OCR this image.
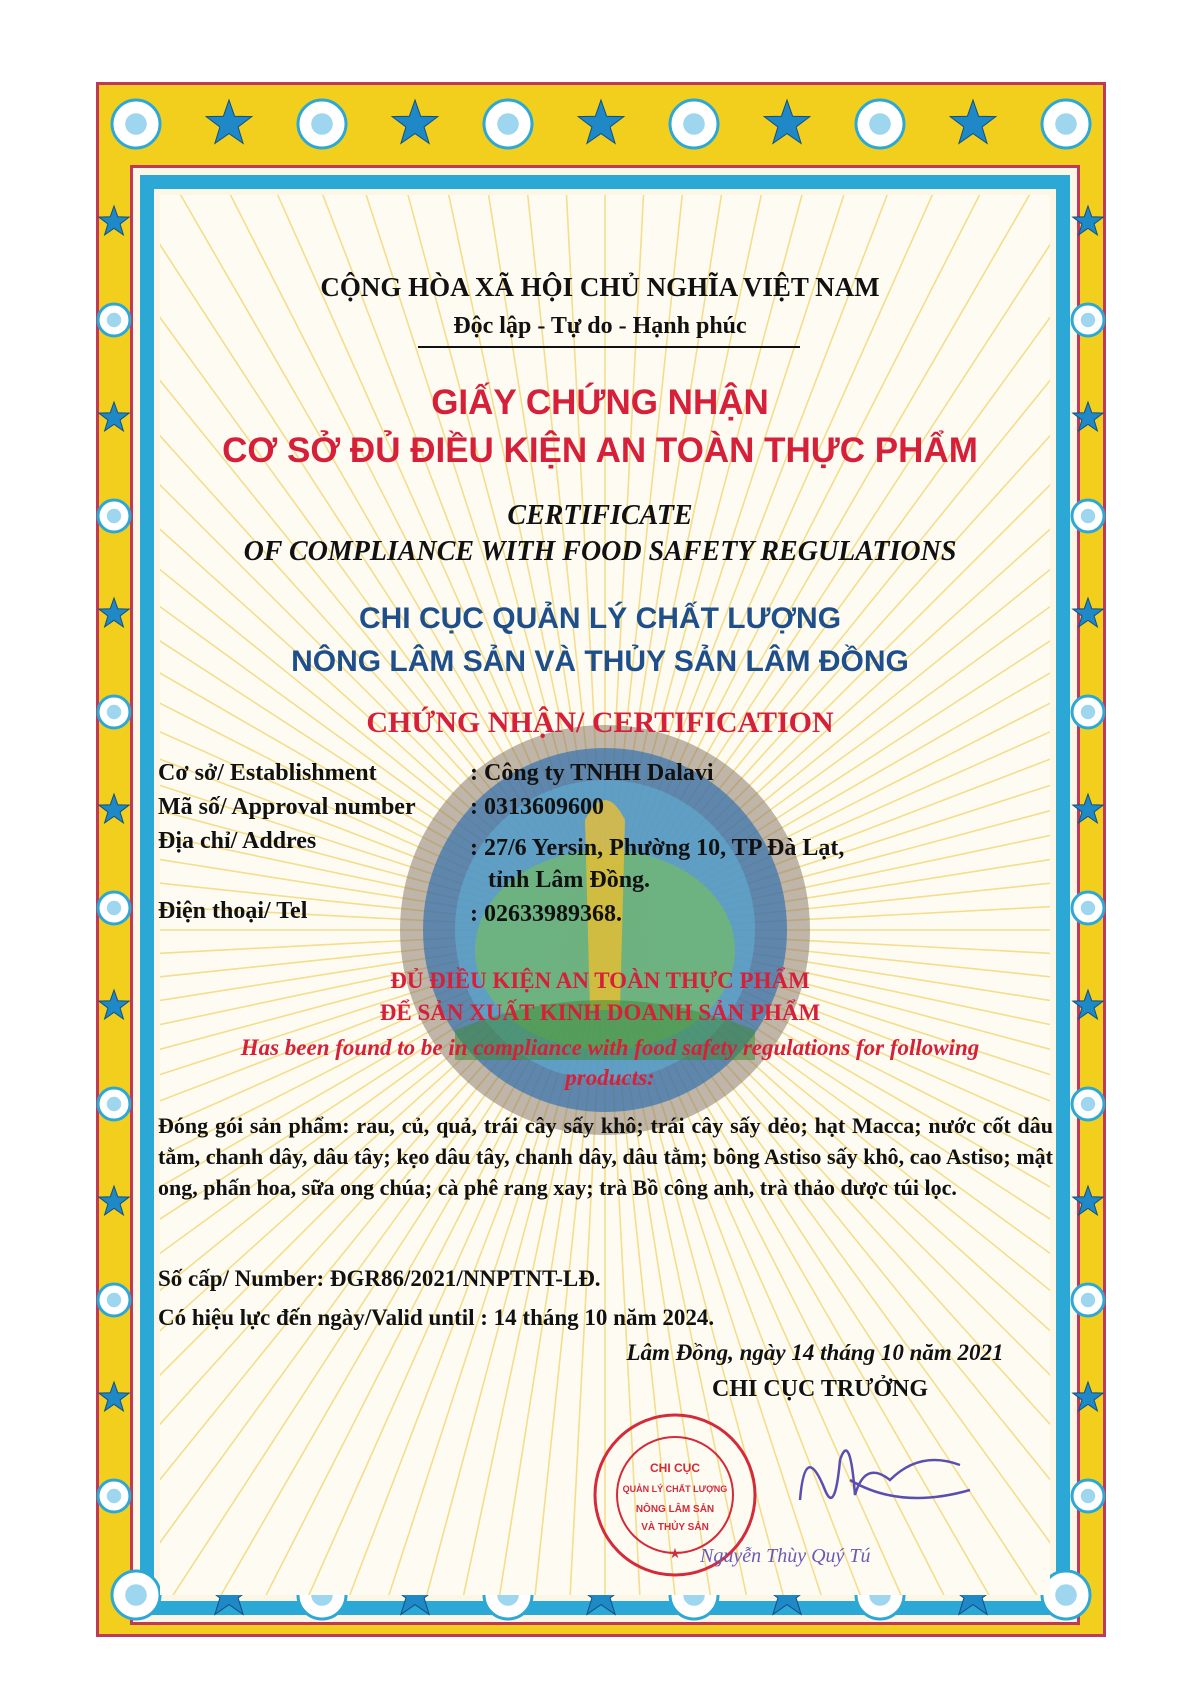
CỘNG HÒA XÃ HỘI CHỦ NGHĨA VIỆT NAM
Độc lập - Tự do - Hạnh phúc
GIẤY CHỨNG NHẬN
CƠ SỞ ĐỦ ĐIỀU KIỆN AN TOÀN THỰC PHẨM
CERTIFICATE
OF COMPLIANCE WITH FOOD SAFETY REGULATIONS
CHI CỤC QUẢN LÝ CHẤT LƯỢNG
NÔNG LÂM SẢN VÀ THỦY SẢN LÂM ĐỒNG
CHỨNG NHẬN/ CERTIFICATION
Cơ sở/ Establishment	: Công ty TNHH Dalavi
Mã số/ Approval number : 0313609600
Địa chỉ/ Addres	: 27/6 Yersin, Phường 10, TP Đà Lạt,
tỉnh Lâm Đồng.
Điện thoại/ Tel	: 02633989368.
ĐỦ ĐIỀU KIỆN AN TOÀN THỰC PHẨM
ĐỂ SẢN XUẤT KINH DOANH SẢN PHẨM
Has been found to be in compliance with food safety regulations for following products:
Đóng gói sản phẩm: rau, củ, quả, trái cây sấy khô; trái cây sấy dẻo; hạt Macca; nước cốt dâu tằm, chanh dây, dâu tây; kẹo dâu tây, chanh dây, dâu tằm; bông Astiso sấy khô, cao Astiso; mật ong, phấn hoa, sữa ong chúa; cà phê rang xay; trà Bồ công anh, trà thảo dược túi lọc.
Số cấp/ Number: ĐGR86/2021/NNPTNT-LĐ.
Có hiệu lực đến ngày/Valid until : 14 tháng 10 năm 2024.
Lâm Đồng, ngày 14 tháng 10 năm 2021
CHI CỤC TRƯỞNG
CHI CỤC
QUẢN LÝ CHẤT LƯỢNG
NÔNG LÂM SẢN
VÀ THỦY SẢN
★ Nguyễn Thùy Quý Tú
